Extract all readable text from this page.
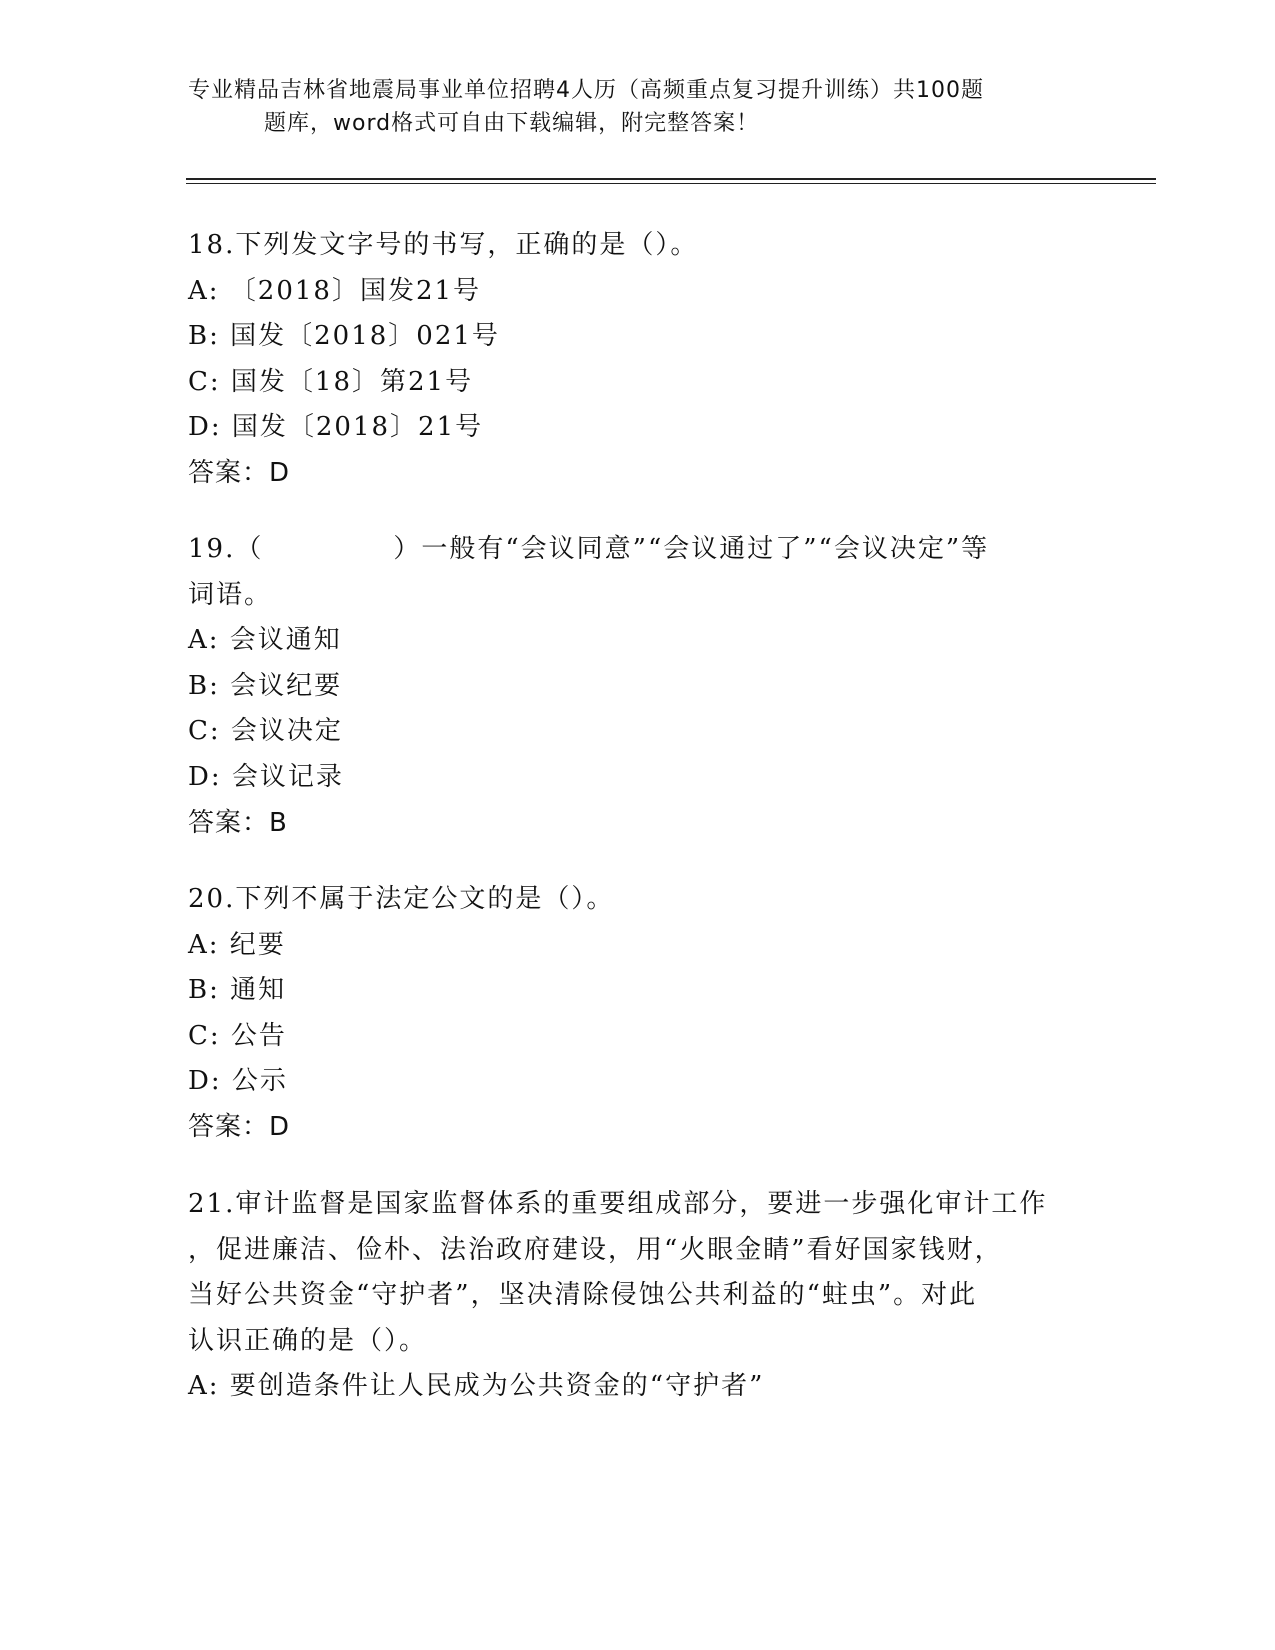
专业精品吉林省地震局事业单位招聘4人历（高频重点复习提升训练）共100题
题库，word格式可自由下载编辑，附完整答案！
18.下列发文字号的书写，正确的是（）。
A: 〔2018〕国发21号
B: 国发〔2018〕021号
C: 国发〔18〕第21号
D: 国发〔2018〕21号
答案：D
19.（	）一般有“会议同意”“会议通过了”“会议决定”等
词语。
A: 会议通知
B: 会议纪要
C: 会议决定
D: 会议记录
答案：B
20.下列不属于法定公文的是（）。
A: 纪要
B: 通知
C: 公告
D: 公示
答案：D
21.审计监督是国家监督体系的重要组成部分，要进一步强化审计工作
，促进廉洁、俭朴、法治政府建设，用“火眼金睛”看好国家钱财，
当好公共资金“守护者”，坚决清除侵蚀公共利益的“蛀虫”。对此
认识正确的是（）。
A: 要创造条件让人民成为公共资金的“守护者”
